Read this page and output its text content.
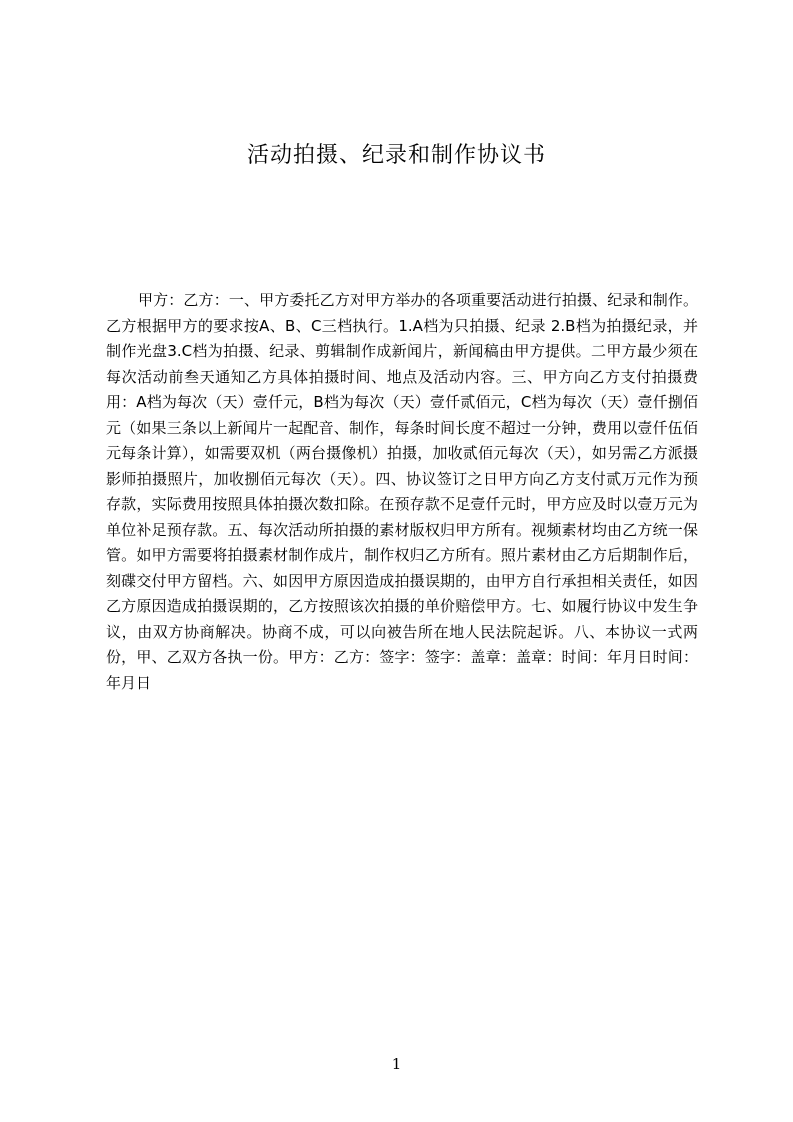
活动拍摄、纪录和制作协议书

甲方：乙方：一、甲方委托乙方对甲方举办的各项重要活动进行拍摄、纪录和制作。乙方根据甲方的要求按A、B、C三档执行。1.A档为只拍摄、纪录 2.B档为拍摄纪录，并制作光盘3.C档为拍摄、纪录、剪辑制作成新闻片，新闻稿由甲方提供。二甲方最少须在每次活动前叁天通知乙方具体拍摄时间、地点及活动内容。三、甲方向乙方支付拍摄费用：A档为每次（天）壹仟元，B档为每次（天）壹仟贰佰元，C档为每次（天）壹仟捌佰元（如果三条以上新闻片一起配音、制作，每条时间长度不超过一分钟，费用以壹仟伍佰元每条计算），如需要双机（两台摄像机）拍摄，加收贰佰元每次（天），如另需乙方派摄影师拍摄照片，加收捌佰元每次（天）。四、协议签订之日甲方向乙方支付贰万元作为预存款，实际费用按照具体拍摄次数扣除。在预存款不足壹仟元时，甲方应及时以壹万元为单位补足预存款。五、每次活动所拍摄的素材版权归甲方所有。视频素材均由乙方统一保管。如甲方需要将拍摄素材制作成片，制作权归乙方所有。照片素材由乙方后期制作后，刻碟交付甲方留档。六、如因甲方原因造成拍摄误期的，由甲方自行承担相关责任，如因乙方原因造成拍摄误期的，乙方按照该次拍摄的单价赔偿甲方。七、如履行协议中发生争议，由双方协商解决。协商不成，可以向被告所在地人民法院起诉。八、本协议一式两份，甲、乙双方各执一份。甲方：乙方：签字：签字：盖章：盖章：时间：年月日时间：年月日

1
